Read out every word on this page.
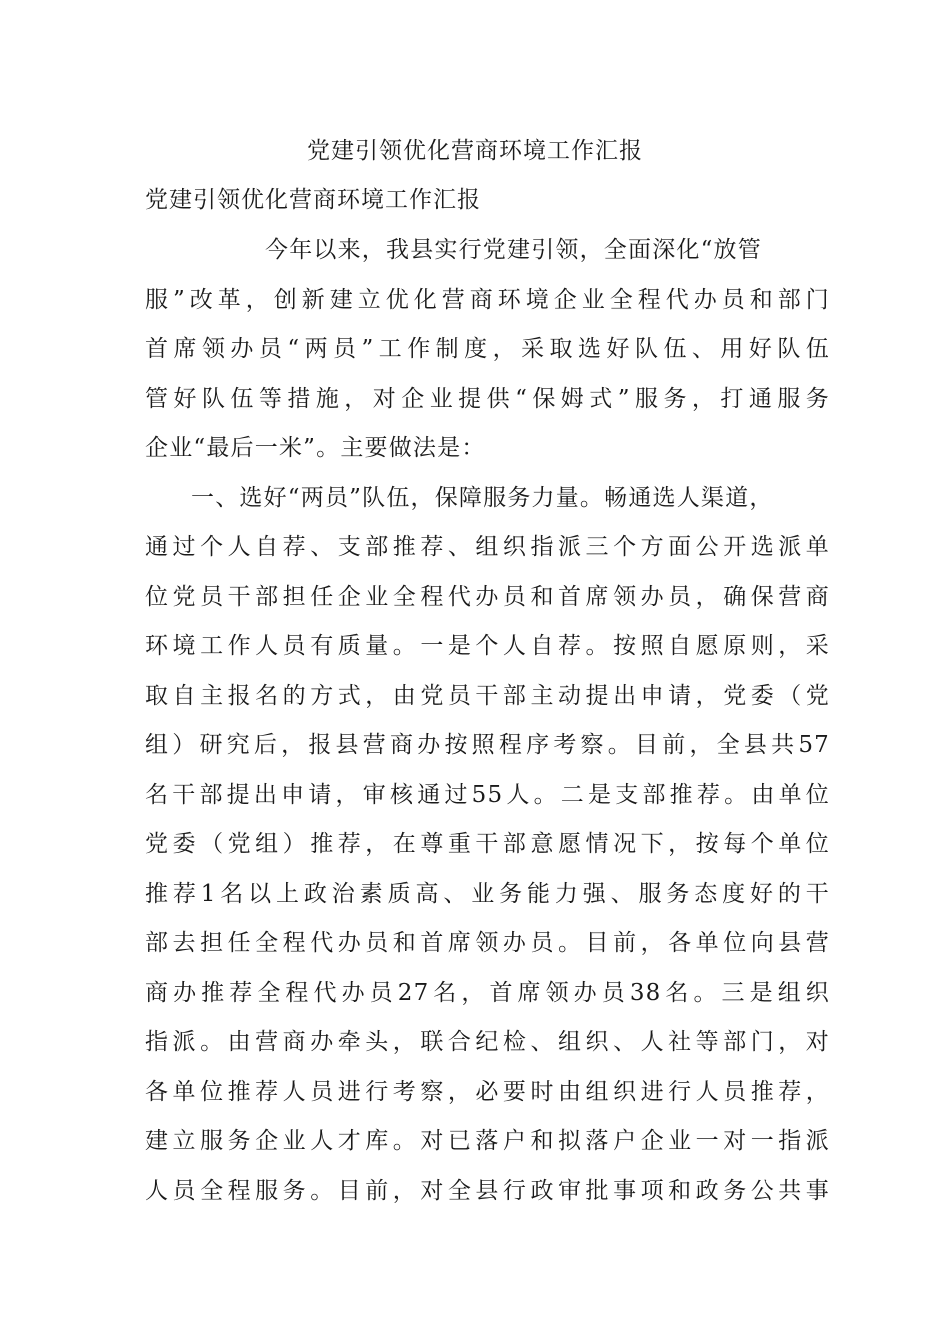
党建引领优化营商环境工作汇报
党建引领优化营商环境工作汇报
今年以来，我县实行党建引领，全面深化“放管
服”改革，创新建立优化营商环境企业全程代办员和部门
首席领办员“两员”工作制度，采取选好队伍、用好队伍
管好队伍等措施，对企业提供“保姆式”服务，打通服务
企业“最后一米”。主要做法是：
一、选好“两员”队伍，保障服务力量。畅通选人渠道，
通过个人自荐、支部推荐、组织指派三个方面公开选派单
位党员干部担任企业全程代办员和首席领办员，确保营商
环境工作人员有质量。一是个人自荐。按照自愿原则，采
取自主报名的方式，由党员干部主动提出申请，党委（党
组）研究后，报县营商办按照程序考察。目前，全县共57
名干部提出申请，审核通过55人。二是支部推荐。由单位
党委（党组）推荐，在尊重干部意愿情况下，按每个单位
推荐1名以上政治素质高、业务能力强、服务态度好的干
部去担任全程代办员和首席领办员。目前，各单位向县营
商办推荐全程代办员27名，首席领办员38名。三是组织
指派。由营商办牵头，联合纪检、组织、人社等部门，对
各单位推荐人员进行考察，必要时由组织进行人员推荐，
建立服务企业人才库。对已落户和拟落户企业一对一指派
人员全程服务。目前，对全县行政审批事项和政务公共事
